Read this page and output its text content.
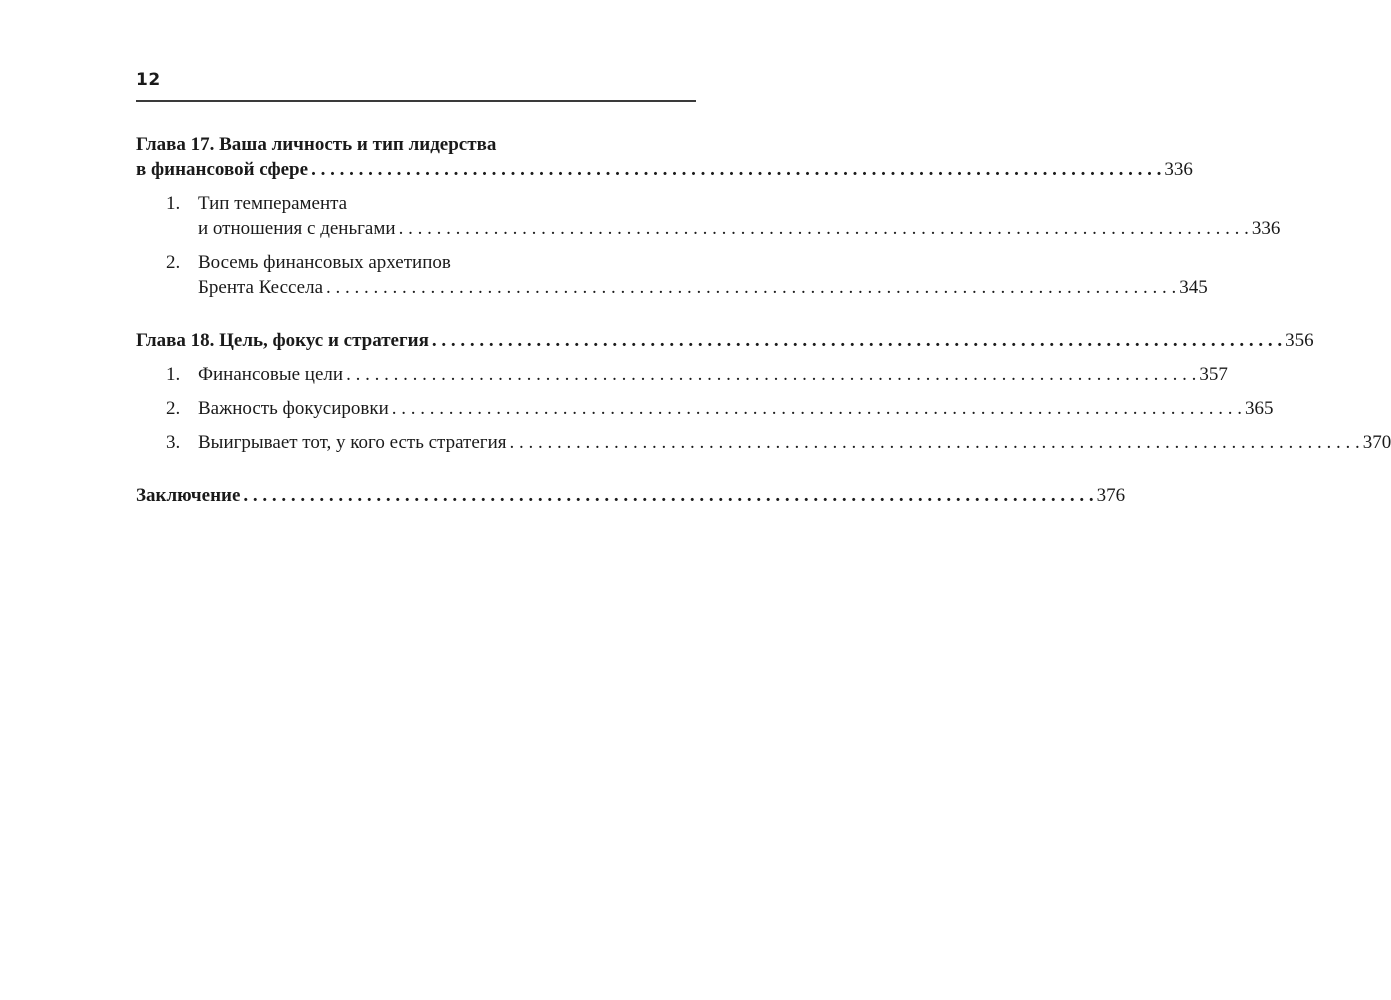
12
Глава 17. Ваша личность и тип лидерства
в финансовой сфере . . .	336
1. Тип темперамента
и отношения с деньгами . . .	336
2. Восемь финансовых архетипов
Брента Кессела . . .	345
Глава 18. Цель, фокус и стратегия . . .	356
1. Финансовые цели . . .	357
2. Важность фокусировки . . .	365
3. Выигрывает тот, у кого есть стратегия . . .	370
Заключение . . .	376
